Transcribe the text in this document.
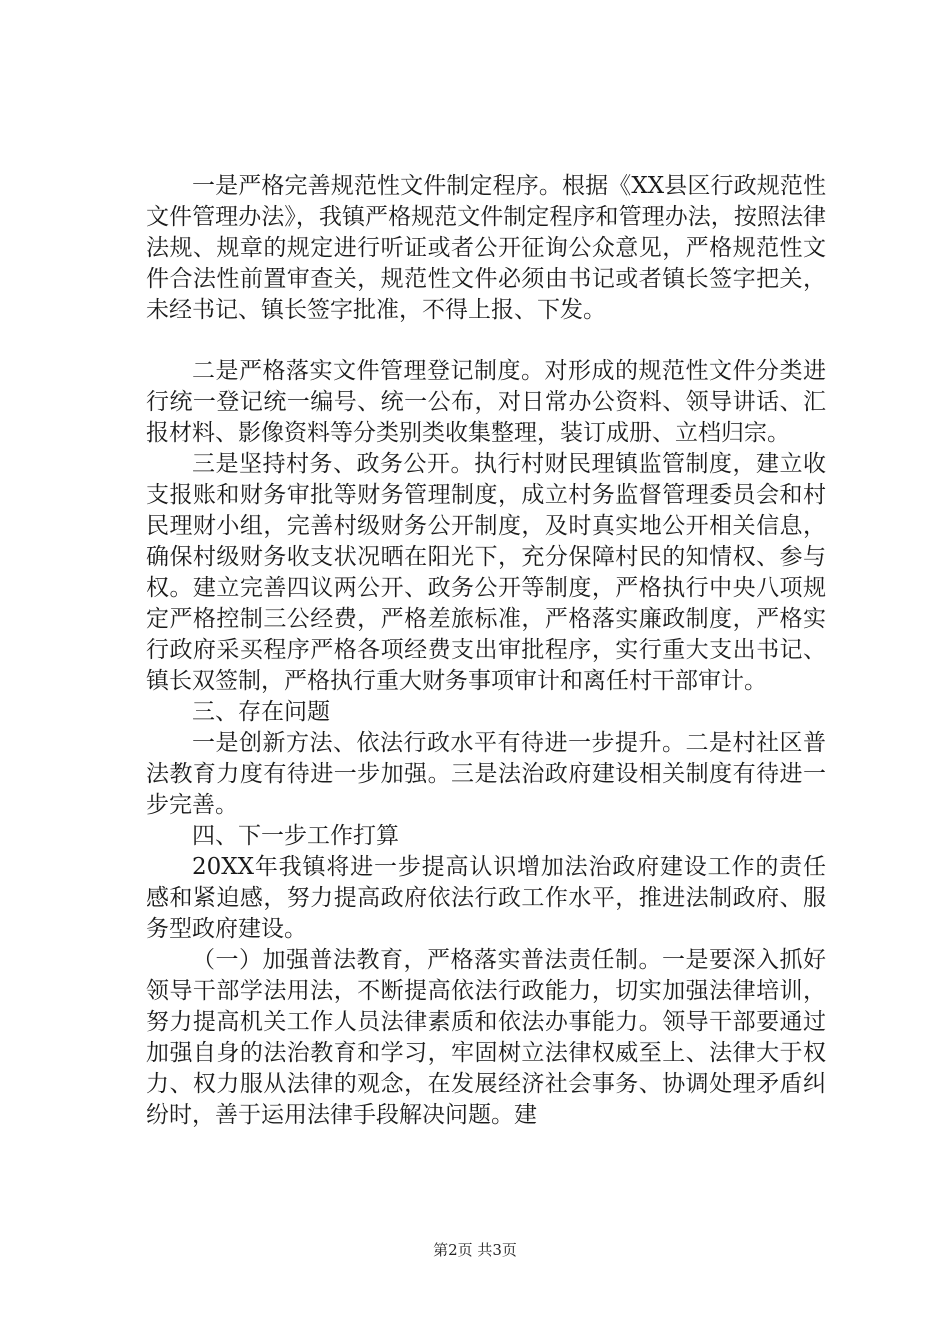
一是严格完善规范性文件制定程序。根据《XX县区行政规范性文件管理办法》，我镇严格规范文件制定程序和管理办法，按照法律法规、规章的规定进行听证或者公开征询公众意见，严格规范性文件合法性前置审查关，规范性文件必须由书记或者镇长签字把关，未经书记、镇长签字批准，不得上报、下发。

二是严格落实文件管理登记制度。对形成的规范性文件分类进行统一登记统一编号、统一公布，对日常办公资料、领导讲话、汇报材料、影像资料等分类别类收集整理，装订成册、立档归宗。

三是坚持村务、政务公开。执行村财民理镇监管制度，建立收支报账和财务审批等财务管理制度，成立村务监督管理委员会和村民理财小组，完善村级财务公开制度，及时真实地公开相关信息，确保村级财务收支状况晒在阳光下，充分保障村民的知情权、参与权。建立完善四议两公开、政务公开等制度，严格执行中央八项规定严格控制三公经费，严格差旅标准，严格落实廉政制度，严格实行政府采买程序严格各项经费支出审批程序，实行重大支出书记、镇长双签制，严格执行重大财务事项审计和离任村干部审计。

三、存在问题

一是创新方法、依法行政水平有待进一步提升。二是村社区普法教育力度有待进一步加强。三是法治政府建设相关制度有待进一步完善。

四、下一步工作打算

20XX年我镇将进一步提高认识增加法治政府建设工作的责任感和紧迫感，努力提高政府依法行政工作水平，推进法制政府、服务型政府建设。

（一）加强普法教育，严格落实普法责任制。一是要深入抓好领导干部学法用法，不断提高依法行政能力，切实加强法律培训，努力提高机关工作人员法律素质和依法办事能力。领导干部要通过加强自身的法治教育和学习，牢固树立法律权威至上、法律大于权力、权力服从法律的观念，在发展经济社会事务、协调处理矛盾纠纷时，善于运用法律手段解决问题。建

第2页 共3页
